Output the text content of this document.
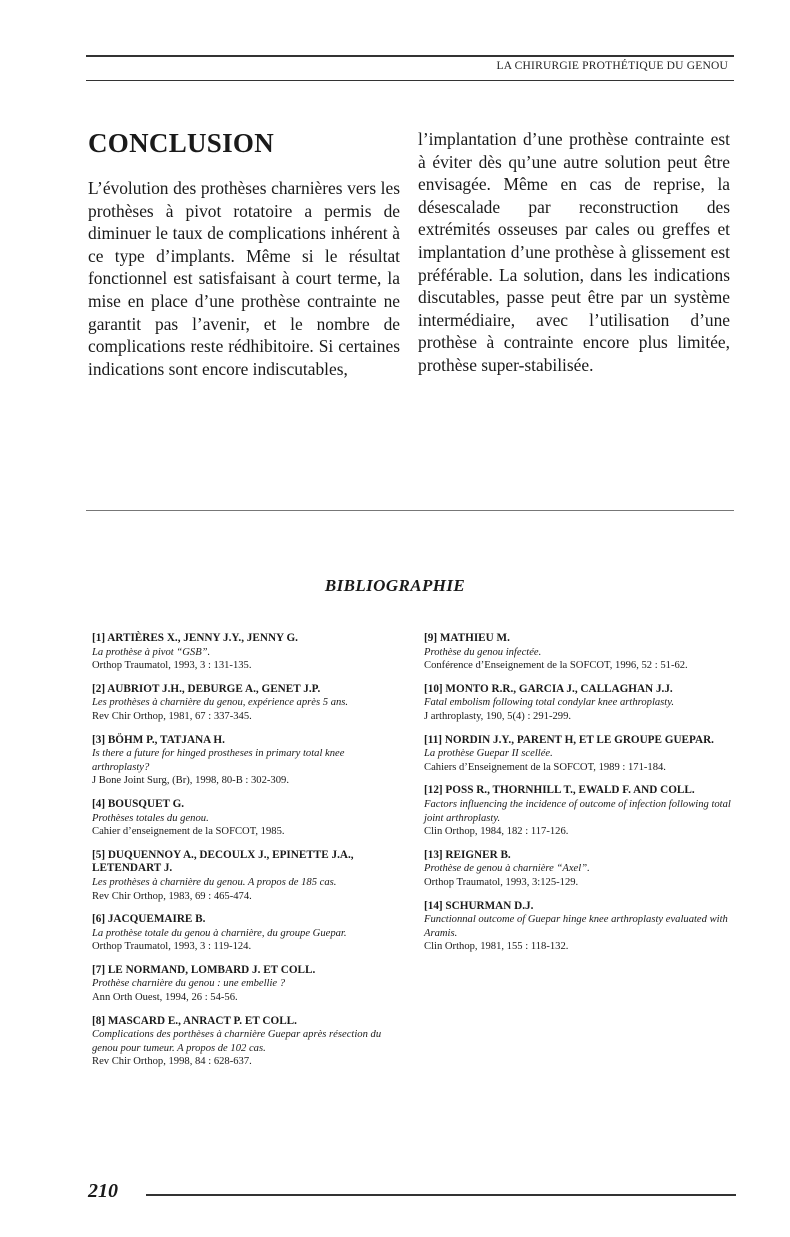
LA CHIRURGIE PROTHÉTIQUE DU GENOU
CONCLUSION

L’évolution des prothèses charnières vers les prothèses à pivot rotatoire a permis de diminuer le taux de complications inhérent à ce type d’implants. Même si le résultat fonctionnel est satisfaisant à court terme, la mise en place d’une prothèse contrainte ne garantit pas l’avenir, et le nombre de complications reste rédhibitoire. Si certaines indications sont encore indiscutables,

l’implantation d’une prothèse contrainte est à éviter dès qu’une autre solution peut être envisagée. Même en cas de reprise, la désescalade par reconstruction des extrémités osseuses par cales ou greffes et implantation d’une prothèse à glissement est préférable. La solution, dans les indications discutables, passe peut être par un système intermédiaire, avec l’utilisation d’une prothèse à contrainte encore plus limitée, prothèse super-stabilisée.

BIBLIOGRAPHIE
[1] ARTIÈRES X., JENNY J.Y., JENNY G.
La prothèse à pivot “GSB”.
Orthop Traumatol, 1993, 3 : 131-135.
[2] AUBRIOT J.H., DEBURGE A., GENET J.P.
Les prothèses à charnière du genou, expérience après 5 ans.
Rev Chir Orthop, 1981, 67 : 337-345.
[3] BÖHM P., TATJANA H.
Is there a future for hinged prostheses in primary total knee arthroplasty?
J Bone Joint Surg, (Br), 1998, 80-B : 302-309.
[4] BOUSQUET G.
Prothèses totales du genou.
Cahier d’enseignement de la SOFCOT, 1985.
[5] DUQUENNOY A., DECOULX J., EPINETTE J.A., LETENDART J.
Les prothèses à charnière du genou. A propos de 185 cas.
Rev Chir Orthop, 1983, 69 : 465-474.
[6] JACQUEMAIRE B.
La prothèse totale du genou à charnière, du groupe Guepar.
Orthop Traumatol, 1993, 3 : 119-124.
[7] LE NORMAND, LOMBARD J. ET COLL.
Prothèse charnière du genou : une embellie ?
Ann Orth Ouest, 1994, 26 : 54-56.
[8] MASCARD E., ANRACT P. ET COLL.
Complications des porthèses à charnière Guepar après résection du genou pour tumeur. A propos de 102 cas.
Rev Chir Orthop, 1998, 84 : 628-637.
[9] MATHIEU M.
Prothèse du genou infectée.
Conférence d’Enseignement de la SOFCOT, 1996, 52 : 51-62.
[10] MONTO R.R., GARCIA J., CALLAGHAN J.J.
Fatal embolism following total condylar knee arthroplasty.
J arthroplasty, 190, 5(4) : 291-299.
[11] NORDIN J.Y., PARENT H, ET LE GROUPE GUEPAR.
La prothèse Guepar II scellée.
Cahiers d’Enseignement de la SOFCOT, 1989 : 171-184.
[12] POSS R., THORNHILL T., EWALD F. AND COLL.
Factors influencing the incidence of outcome of infection following total joint arthroplasty.
Clin Orthop, 1984, 182 : 117-126.
[13] REIGNER B.
Prothèse de genou à charnière “Axel”.
Orthop Traumatol, 1993, 3:125-129.
[14] SCHURMAN D.J.
Functionnal outcome of Guepar hinge knee arthroplasty evaluated with Aramis.
Clin Orthop, 1981, 155 : 118-132.
210
